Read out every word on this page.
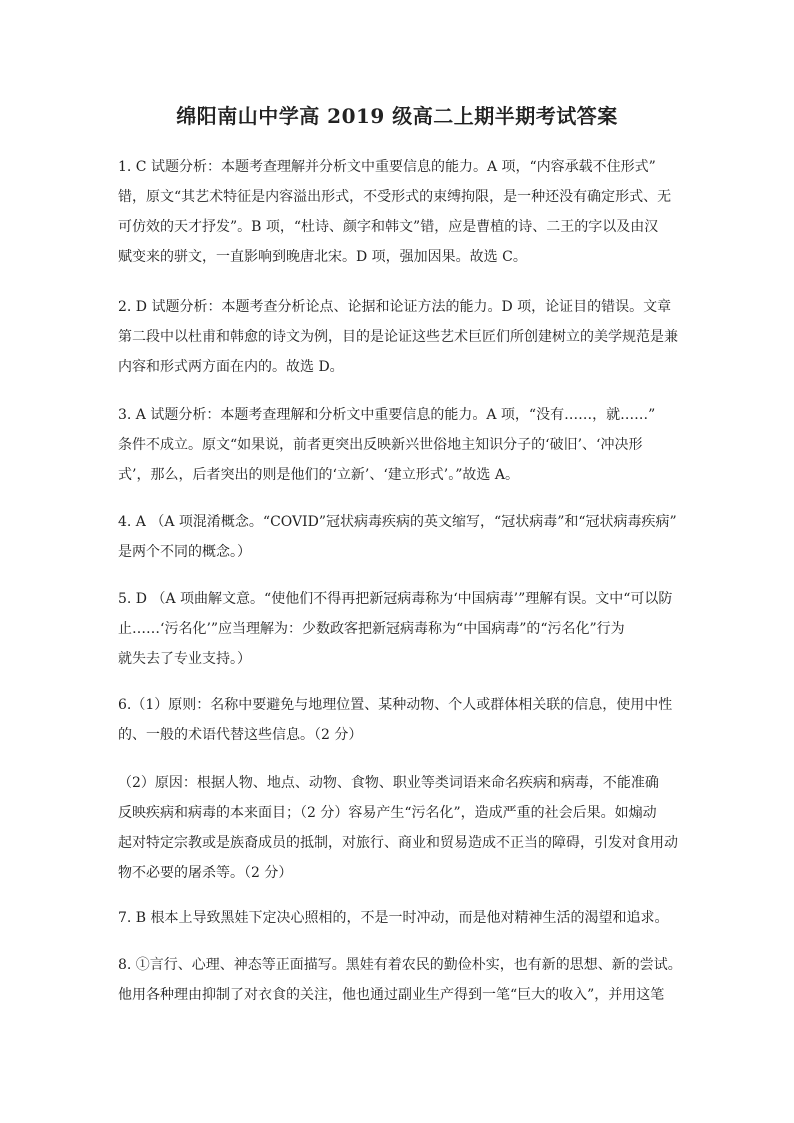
绵阳南山中学高 2019 级高二上期半期考试答案
1. C 试题分析：本题考查理解并分析文中重要信息的能力。A 项，“内容承载不住形式”
错，原文“其艺术特征是内容溢出形式，不受形式的束缚拘限，是一种还没有确定形式、无
可仿效的天才抒发”。B 项，“杜诗、颜字和韩文”错，应是曹植的诗、二王的字以及由汉
赋变来的骈文，一直影响到晚唐北宋。D 项，强加因果。故选 C。
2. D 试题分析：本题考查分析论点、论据和论证方法的能力。D 项，论证目的错误。文章
第二段中以杜甫和韩愈的诗文为例，目的是论证这些艺术巨匠们所创建树立的美学规范是兼
内容和形式两方面在内的。故选 D。
3. A 试题分析：本题考查理解和分析文中重要信息的能力。A 项，“没有……，就……”
条件不成立。原文“如果说，前者更突出反映新兴世俗地主知识分子的‘破旧’、‘冲决形
式’，那么，后者突出的则是他们的‘立新’、‘建立形式’。”故选 A。
4. A （A 项混淆概念。“COVID”冠状病毒疾病的英文缩写，“冠状病毒”和“冠状病毒疾病”
是两个不同的概念。）
5. D （A 项曲解文意。“使他们不得再把新冠病毒称为‘中国病毒’”理解有误。文中“可以防
止……‘污名化’”应当理解为：少数政客把新冠病毒称为“中国病毒”的“污名化”行为
就失去了专业支持。）
6.（1）原则：名称中要避免与地理位置、某种动物、个人或群体相关联的信息，使用中性
的、一般的术语代替这些信息。（2 分）
（2）原因：根据人物、地点、动物、食物、职业等类词语来命名疾病和病毒，不能准确
反映疾病和病毒的本来面目；（2 分）容易产生“污名化”，造成严重的社会后果。如煽动
起对特定宗教或是族裔成员的抵制，对旅行、商业和贸易造成不正当的障碍，引发对食用动
物不必要的屠杀等。（2 分）
7. B 根本上导致黑娃下定决心照相的，不是一时冲动，而是他对精神生活的渴望和追求。
8. ①言行、心理、神态等正面描写。黑娃有着农民的勤俭朴实，也有新的思想、新的尝试。
他用各种理由抑制了对衣食的关注，他也通过副业生产得到一笔“巨大的收入”，并用这笔
